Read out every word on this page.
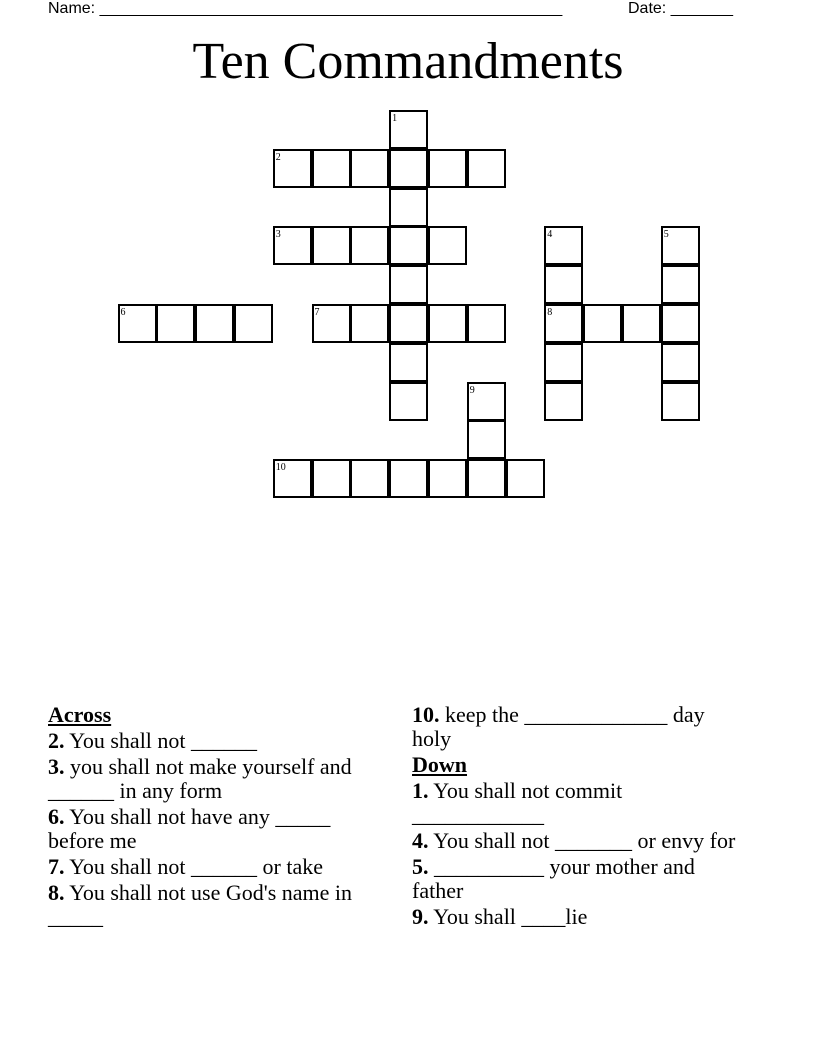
Name: ____________________________________________________	Date: _______
Ten Commandments
1
2
3	4
8
5
6	7
9
10
Across
2. You shall not ______
3. you shall not make yourself and ______ in any form
6. You shall not have any _____ before me
7. You shall not ______ or take
8. You shall not use God's name in _____
10. keep the _____________ day holy
Down
1. You shall not commit ____________
4. You shall not _______ or envy for
5. __________ your mother and father
9. You shall ____lie
